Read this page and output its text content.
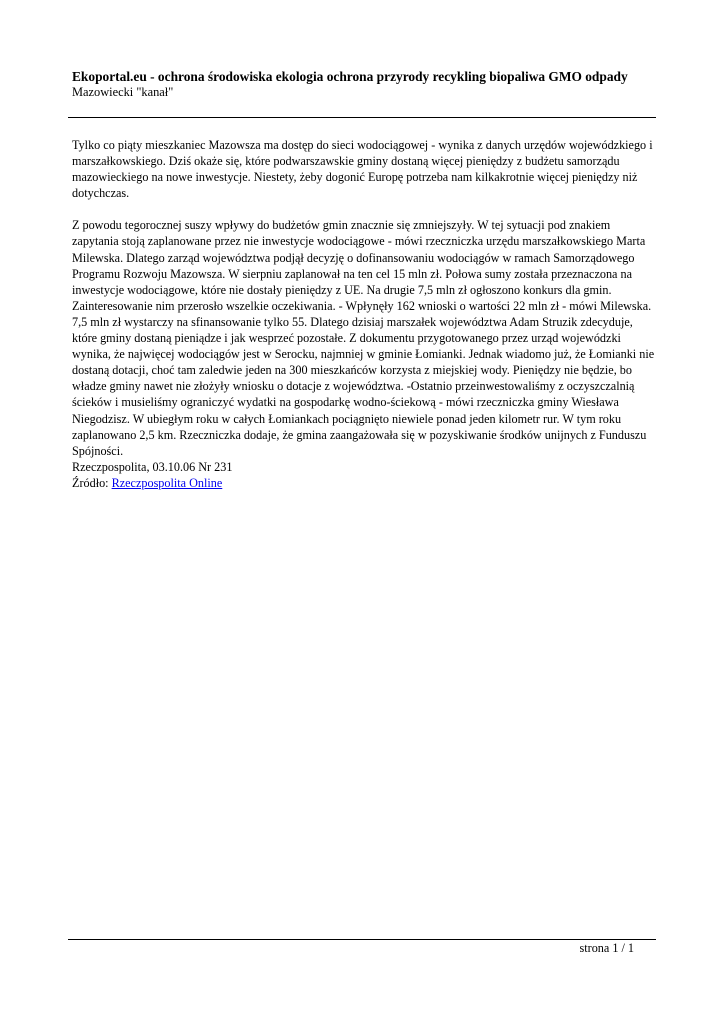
Ekoportal.eu - ochrona środowiska ekologia ochrona przyrody recykling biopaliwa GMO odpady

Mazowiecki "kanał"

Tylko co piąty mieszkaniec Mazowsza ma dostęp do sieci wodociągowej - wynika z danych urzędów wojewódzkiego i marszałkowskiego. Dziś okaże się, które podwarszawskie gminy dostaną więcej pieniędzy z budżetu samorządu mazowieckiego na nowe inwestycje. Niestety, żeby dogonić Europę potrzeba nam kilkakrotnie więcej pieniędzy niż dotychczas.

Z powodu tegorocznej suszy wpływy do budżetów gmin znacznie się zmniejszyły. W tej sytuacji pod znakiem zapytania stoją zaplanowane przez nie inwestycje wodociągowe - mówi rzeczniczka urzędu marszałkowskiego Marta Milewska. Dlatego zarząd województwa podjął decyzję o dofinansowaniu wodociągów w ramach Samorządowego Programu Rozwoju Mazowsza. W sierpniu zaplanował na ten cel 15 mln zł. Połowa sumy została przeznaczona na inwestycje wodociągowe, które nie dostały pieniędzy z UE. Na drugie 7,5 mln zł ogłoszono konkurs dla gmin. Zainteresowanie nim przerosło wszelkie oczekiwania. - Wpłynęły 162 wnioski o wartości 22 mln zł - mówi Milewska. 7,5 mln zł wystarczy na sfinansowanie tylko 55. Dlatego dzisiaj marszałek województwa Adam Struzik zdecyduje, które gminy dostaną pieniądze i jak wesprzeć pozostałe. Z dokumentu przygotowanego przez urząd wojewódzki wynika, że najwięcej wodociągów jest w Serocku, najmniej w gminie Łomianki. Jednak wiadomo już, że Łomianki nie dostaną dotacji, choć tam zaledwie jeden na 300 mieszkańców korzysta z miejskiej wody. Pieniędzy nie będzie, bo władze gminy nawet nie złożyły wniosku o dotacje z województwa. -Ostatnio przeinwestowaliśmy z oczyszczalnią ścieków i musieliśmy ograniczyć wydatki na gospodarkę wodno-ściekową - mówi rzeczniczka gminy Wiesława Niegodzisz. W ubiegłym roku w całych Łomiankach pociągnięto niewiele ponad jeden kilometr rur. W tym roku zaplanowano 2,5 km. Rzeczniczka dodaje, że gmina zaangażowała się w pozyskiwanie środków unijnych z Funduszu Spójności.

Rzeczpospolita, 03.10.06 Nr 231

Źródło: Rzeczpospolita Online

strona 1 / 1
